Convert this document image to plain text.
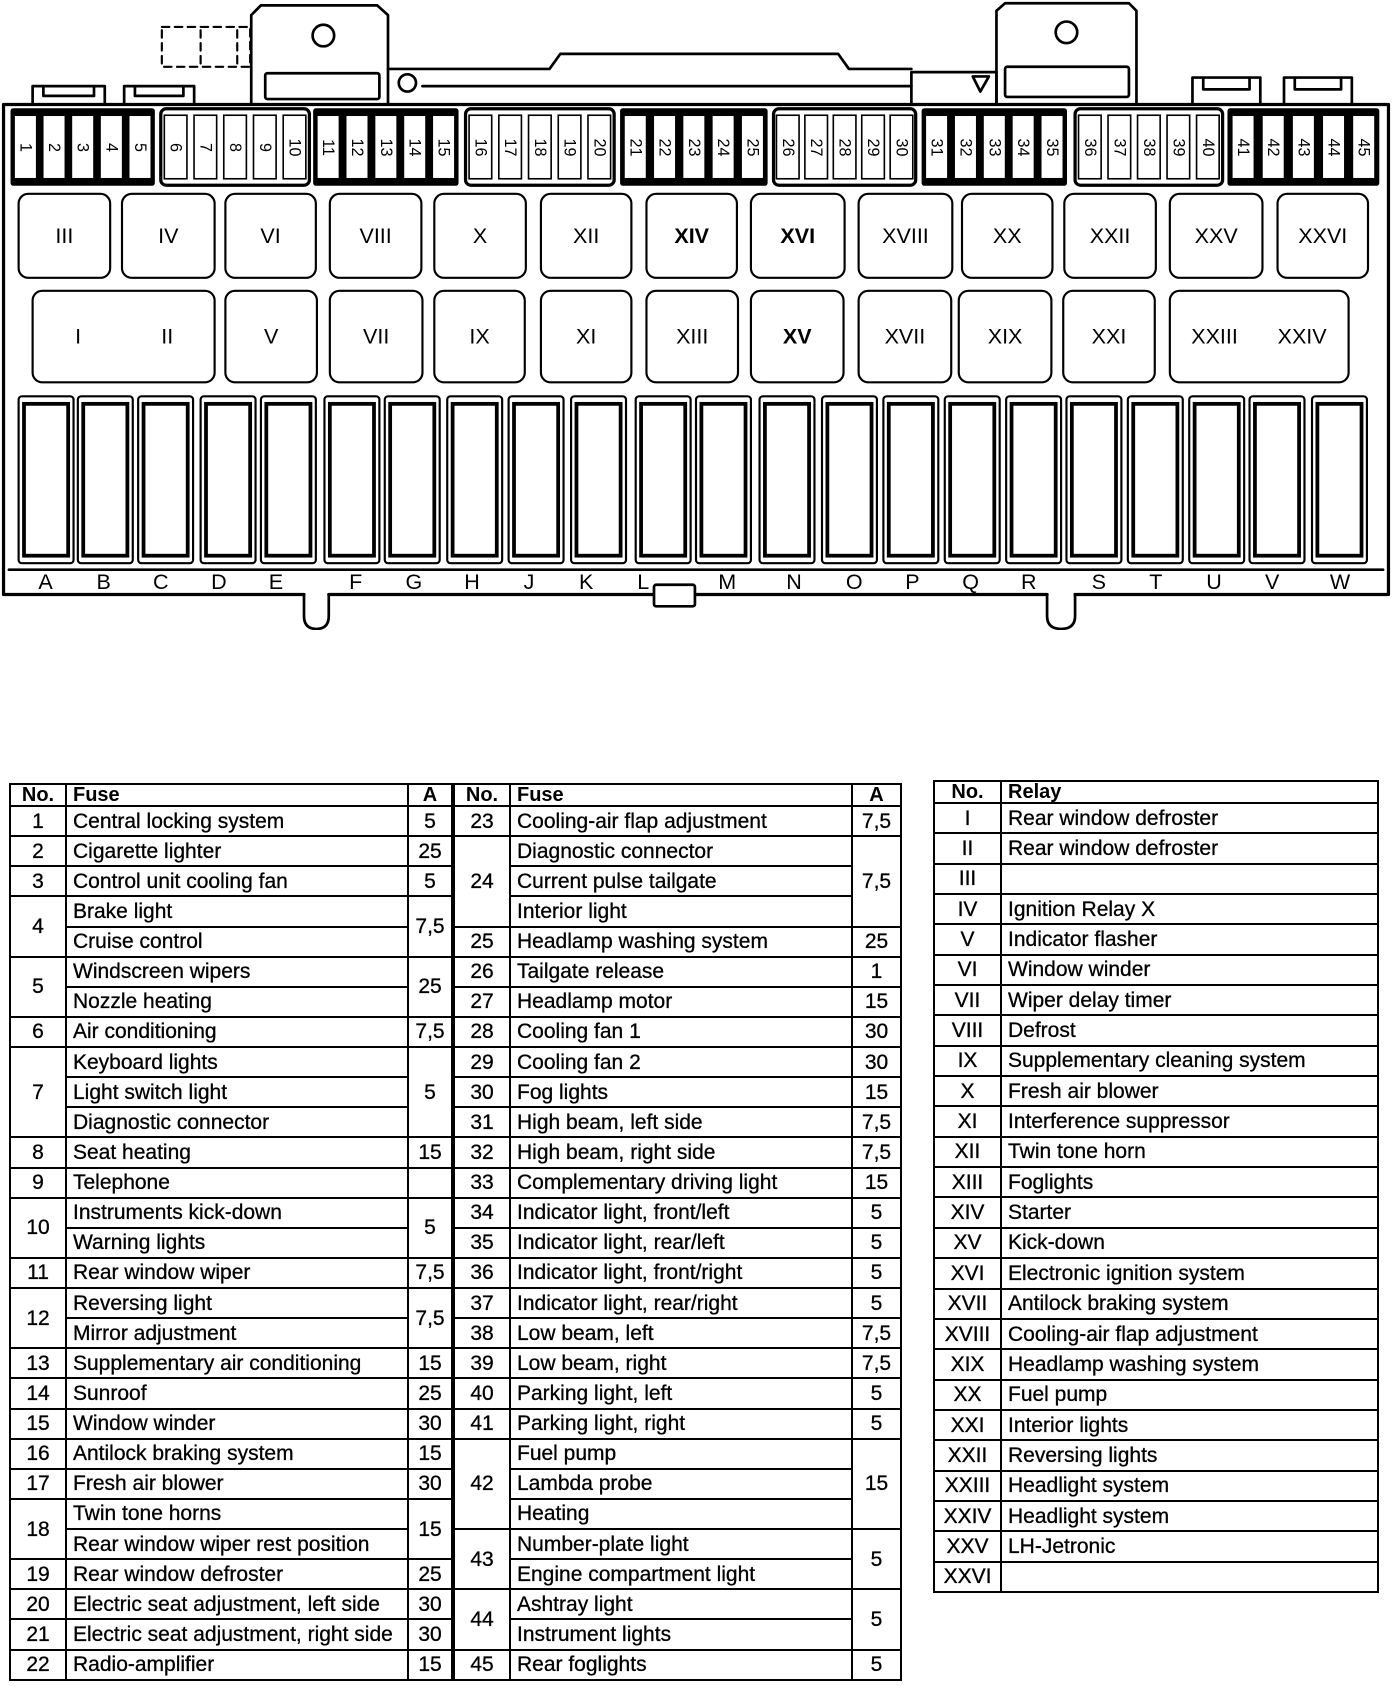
1 2 3 4 5 6 7 8 9 10 11 12 13 14 15 16 17 18 19 20 21 22 23 24 25 26 27 28 29 30 31 32 33 34 35 36 37 38 39 40 41 42 43 44 45
III	IV	VI	VIII	X	XII	XIV	XVI	XVIII	XX	XXII	XXV	XXVI
I	II	V	VII	IX	XI	XIII	XV	XVII	XIX	XXI	XXIII XXIV
A B C D E	F G H J K L	M	N O P Q R	S T U V	W
No.	Fuse	A	No.	Fuse	A
1	Central locking system	5	23	Cooling-air flap adjustment	7,5
2	Cigarette lighter	25	24	Diagnostic connector	7,5
3	Control unit cooling fan	5		Current pulse tailgate	
4	Brake light	7,5		Interior light	
	Cruise control		25	Headlamp washing system	25
5	Windscreen wipers	25	26	Tailgate release	1
	Nozzle heating		27	Headlamp motor	15
6	Air conditioning	7,5	28	Cooling fan 1	30
7	Keyboard lights	5	29	Cooling fan 2	30
	Light switch light		30	Fog lights	15
	Diagnostic connector		31	High beam, left side	7,5
8	Seat heating	15	32	High beam, right side	7,5
9	Telephone		33	Complementary driving light	15
10	Instruments kick-down	5	34	Indicator light, front/left	5
	Warning lights		35	Indicator light, rear/left	5
11	Rear window wiper	7,5	36	Indicator light, front/right	5
12	Reversing light	7,5	37	Indicator light, rear/right	5
	Mirror adjustment		38	Low beam, left	7,5
13	Supplementary air conditioning	15	39	Low beam, right	7,5
14	Sunroof	25	40	Parking light, left	5
15	Window winder	30	41	Parking light, right	5
16	Antilock braking system	15	42	Fuel pump	15
17	Fresh air blower	30		Lambda probe	
18	Twin tone horns	15		Heating	
	Rear window wiper rest position		43	Number-plate light	5
19	Rear window defroster	25		Engine compartment light	
20	Electric seat adjustment, left side	30	44	Ashtray light	5
21	Electric seat adjustment, right side	30		Instrument lights	
22	Radio-amplifier	15	45	Rear foglights	5
No.	Relay
I	Rear window defroster
II	Rear window defroster
III	
IV	Ignition Relay X
V	Indicator flasher
VI	Window winder
VII	Wiper delay timer
VIII	Defrost
IX	Supplementary cleaning system
X	Fresh air blower
XI	Interference suppressor
XII	Twin tone horn
XIII	Foglights
XIV	Starter
XV	Kick-down
XVI	Electronic ignition system
XVII	Antilock braking system
XVIII	Cooling-air flap adjustment
XIX	Headlamp washing system
XX	Fuel pump
XXI	Interior lights
XXII	Reversing lights
XXIII	Headlight system
XXIV	Headlight system
XXV	LH-Jetronic
XXVI	
